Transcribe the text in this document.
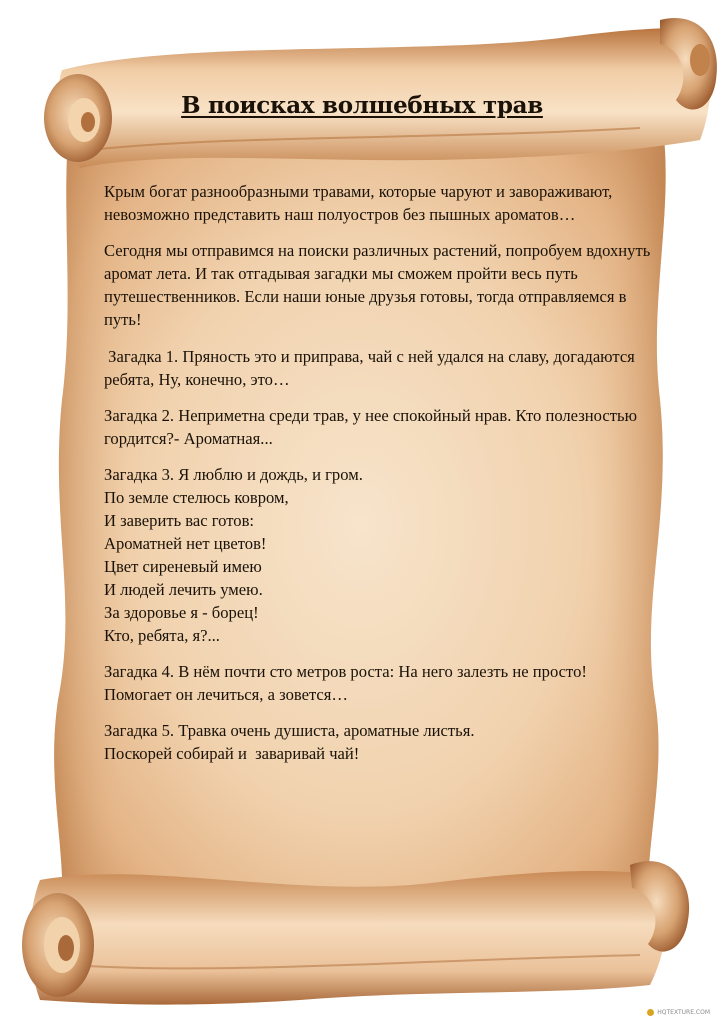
В поисках волшебных трав

Крым богат разнообразными травами, которые чаруют и завораживают,
невозможно представить наш полуостров без пышных ароматов…

Сегодня мы отправимся на поиски различных растений, попробуем вдохнуть
аромат лета. И так отгадывая загадки мы сможем пройти весь путь
путешественников. Если наши юные друзья готовы, тогда отправляемся в
путь!

Загадка 1. Пряность это и приправа, чай с ней удался на славу, догадаются
ребята, Ну, конечно, это…

Загадка 2. Неприметна среди трав, у нее спокойный нрав. Кто полезностью
гордится?- Ароматная...

Загадка 3. Я люблю и дождь, и гром.
По земле стелюсь ковром,
И заверить вас готов:
Ароматней нет цветов!
Цвет сиреневый имею
И людей лечить умею.
За здоровье я - борец!
Кто, ребята, я?...

Загадка 4. В нём почти сто метров роста: На него залезть не просто!
Помогает он лечиться, а зовется…

Загадка 5. Травка очень душиста, ароматные листья.
Поскорей собирай и  заваривай чай!

HQTEXTURE.COM
